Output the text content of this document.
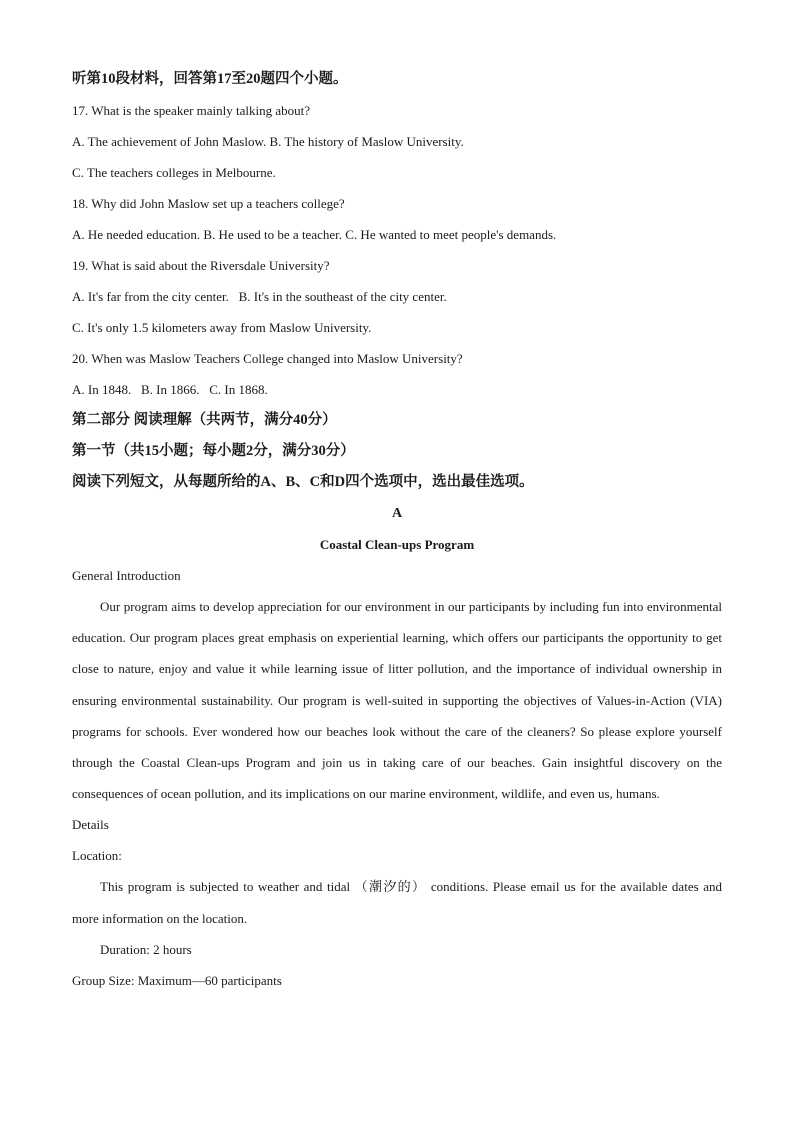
听第10段材料，回答第17至20题四个小题。
17. What is the speaker mainly talking about?
A. The achievement of John Maslow. B. The history of Maslow University.
C. The teachers colleges in Melbourne.
18. Why did John Maslow set up a teachers college?
A. He needed education. B. He used to be a teacher. C. He wanted to meet people's demands.
19. What is said about the Riversdale University?
A. It's far from the city center.   B. It's in the southeast of the city center.
C. It's only 1.5 kilometers away from Maslow University.
20. When was Maslow Teachers College changed into Maslow University?
A. In 1848.   B. In 1866.   C. In 1868.
第二部分 阅读理解（共两节，满分40分）
第一节（共15小题；每小题2分，满分30分）
阅读下列短文，从每题所给的A、B、C和D四个选项中，选出最佳选项。
A
Coastal Clean-ups Program
General Introduction

Our program aims to develop appreciation for our environment in our participants by including fun into environmental education. Our program places great emphasis on experiential learning, which offers our participants the opportunity to get close to nature, enjoy and value it while learning issue of litter pollution, and the importance of individual ownership in ensuring environmental sustainability. Our program is well-suited in supporting the objectives of Values-in-Action (VIA) programs for schools. Ever wondered how our beaches look without the care of the cleaners? So please explore yourself through the Coastal Clean-ups Program and join us in taking care of our beaches. Gain insightful discovery on the consequences of ocean pollution, and its implications on our marine environment, wildlife, and even us, humans.

Details
Location:

This program is subjected to weather and tidal （潮汐的） conditions. Please email us for the available dates and more information on the location.

Duration: 2 hours
Group Size: Maximum—60 participants
